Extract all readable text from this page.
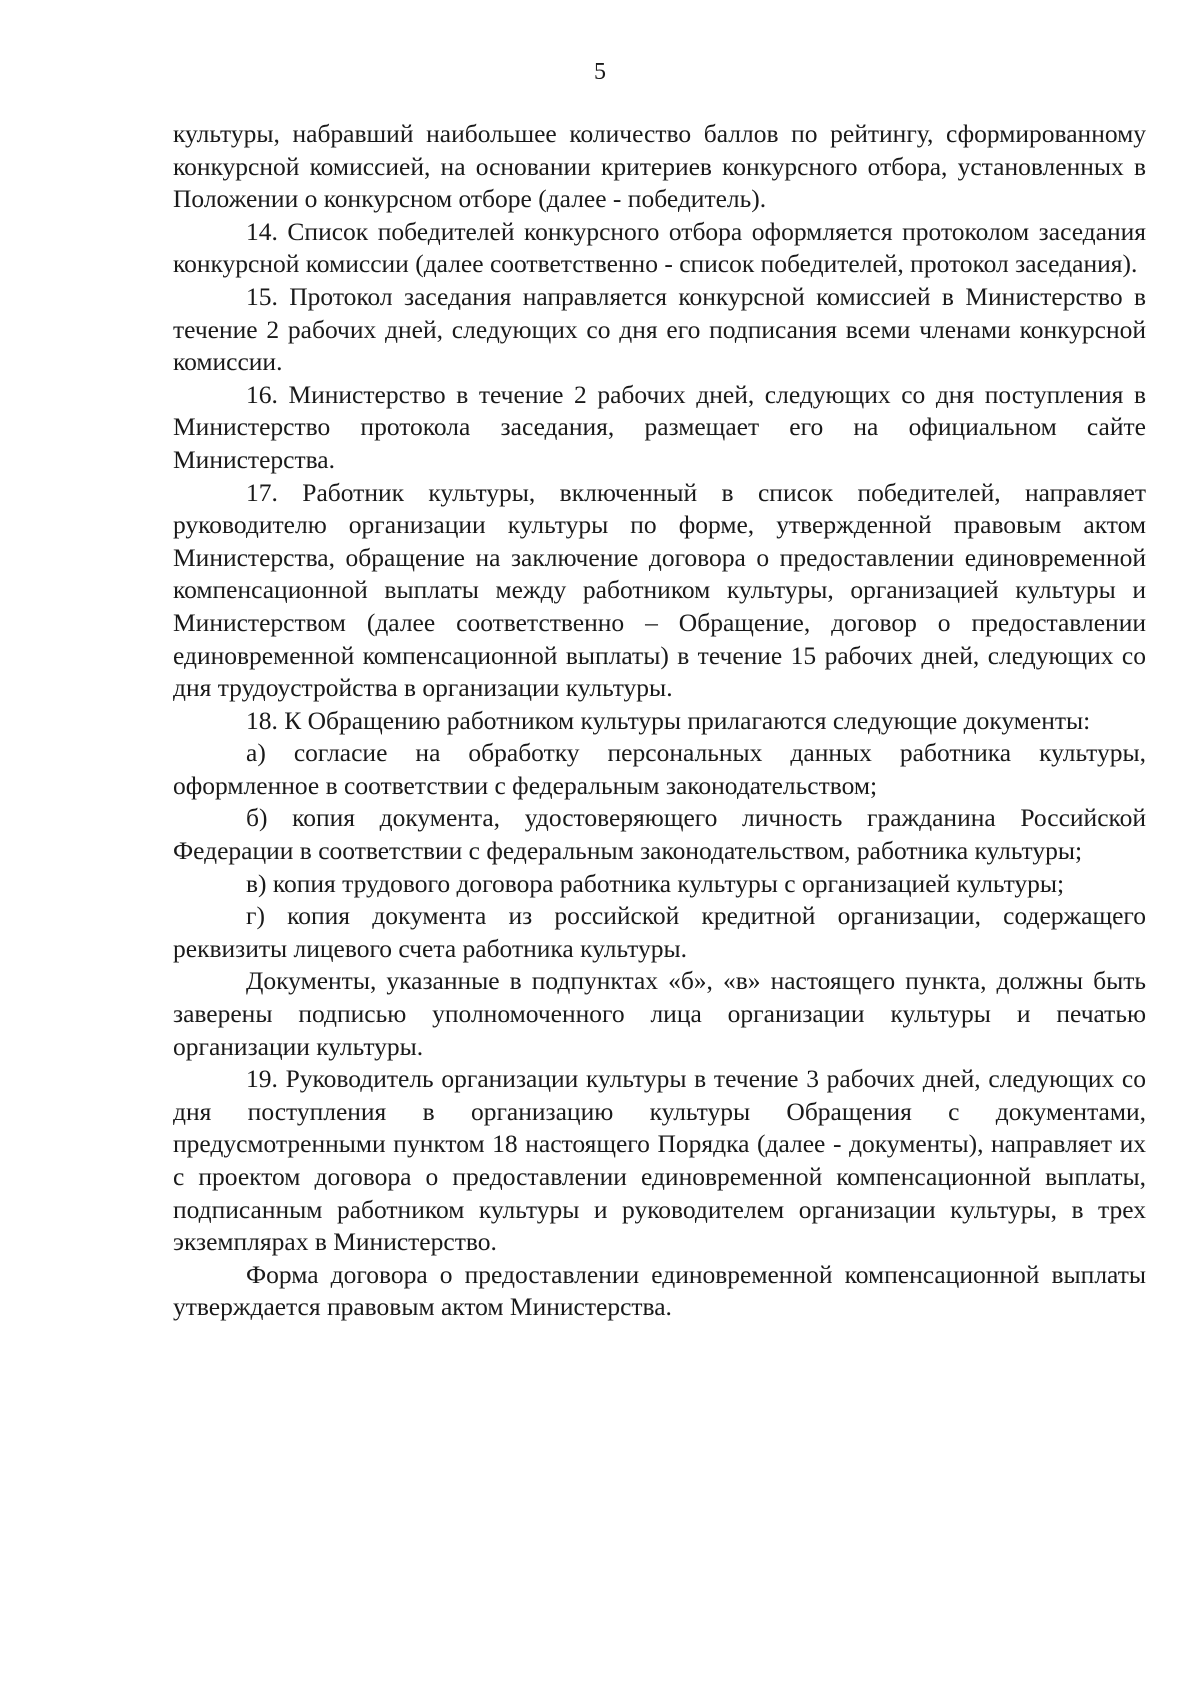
5

культуры, набравший наибольшее количество баллов по рейтингу, сформированному конкурсной комиссией, на основании критериев конкурсного отбора, установленных в Положении о конкурсном отборе (далее - победитель).

14. Список победителей конкурсного отбора оформляется протоколом заседания конкурсной комиссии (далее соответственно - список победителей, протокол заседания).

15. Протокол заседания направляется конкурсной комиссией в Министерство в течение 2 рабочих дней, следующих со дня его подписания всеми членами конкурсной комиссии.

16. Министерство в течение 2 рабочих дней, следующих со дня поступления в Министерство протокола заседания, размещает его на официальном сайте Министерства.

17. Работник культуры, включенный в список победителей, направляет руководителю организации культуры по форме, утвержденной правовым актом Министерства, обращение на заключение договора о предоставлении единовременной компенсационной выплаты между работником культуры, организацией культуры и Министерством (далее соответственно – Обращение, договор о предоставлении единовременной компенсационной выплаты) в течение 15 рабочих дней, следующих со дня трудоустройства в организации культуры.

18. К Обращению работником культуры прилагаются следующие документы:

а) согласие на обработку персональных данных работника культуры, оформленное в соответствии с федеральным законодательством;

б) копия документа, удостоверяющего личность гражданина Российской Федерации в соответствии с федеральным законодательством, работника культуры;

в) копия трудового договора работника культуры с организацией культуры;

г) копия документа из российской кредитной организации, содержащего реквизиты лицевого счета работника культуры.

Документы, указанные в подпунктах «б», «в» настоящего пункта, должны быть заверены подписью уполномоченного лица организации культуры и печатью организации культуры.

19. Руководитель организации культуры в течение 3 рабочих дней, следующих со дня поступления в организацию культуры Обращения с документами, предусмотренными пунктом 18 настоящего Порядка (далее - документы), направляет их с проектом договора о предоставлении единовременной компенсационной выплаты, подписанным работником культуры и руководителем организации культуры, в трех экземплярах в Министерство.

Форма договора о предоставлении единовременной компенсационной выплаты утверждается правовым актом Министерства.
